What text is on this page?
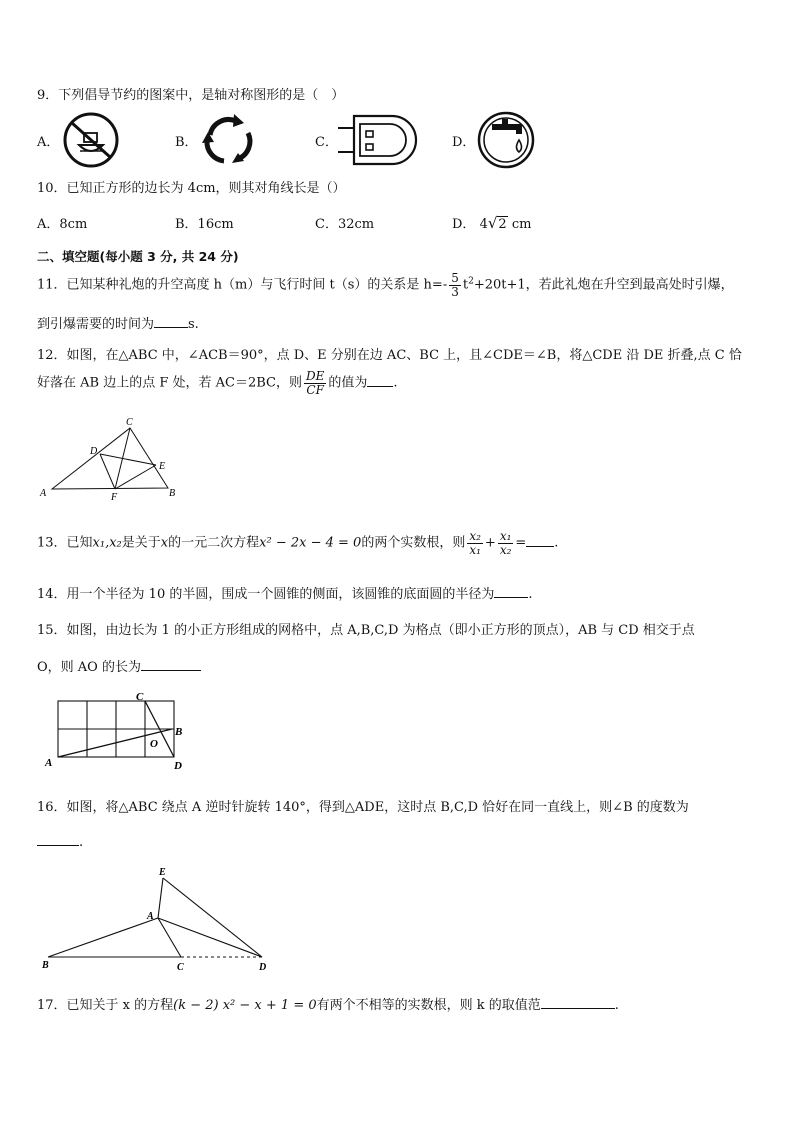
9．下列倡导节约的图案中，是轴对称图形的是（　）
A．	B．	C．	D．
10．已知正方形的边长为 4cm，则其对角线长是（）
A．8cm	B．16cm	C．32cm	D． 4√2 cm
二、填空题(每小题 3 分, 共 24 分)
11．已知某种礼炮的升空高度 h（m）与飞行时间 t（s）的关系是 $h=- \frac{5}{3} t^2+20t+1$，若此礼炮在升空到最高处时引爆，
到引爆需要的时间为	s.
12．如图，在△ABC 中，∠ACB＝90°，点 D、E 分别在边 AC、BC 上，且∠CDE＝∠B，将△CDE 沿 DE 折叠,点 C 恰
好落在 AB 边上的点 F 处，若 AC＝2BC，则 $\frac{DE}{CF}$ 的值为 .
C
D
E
A	F	B
13．已知x₁,x₂是关于x的一元二次方程x² − 2x − 4 = 0的两个实数根，则 $\frac{\text{x₂}}{\text{x₁}} + \frac{\text{x₁}}{\text{x₂}}$ = .
14．用一个半径为 10 的半圆，围成一个圆锥的侧面，该圆锥的底面圆的半径为	.
15．如图，由边长为 1 的小正方形组成的网格中，点 A,B,C,D 为格点（即小正方形的顶点），AB 与 CD 相交于点
O，则 AO 的长为
C
B
O
A	D
16．如图，将△ABC 绕点 A 逆时针旋转 140°，得到△ADE，这时点 B,C,D 恰好在同一直线上，则∠B 的度数为
.
E
A
B	C	D
17．已知关于 x 的方程(k − 2) x² − x + 1 = 0有两个不相等的实数根，则 k 的取值范	.
